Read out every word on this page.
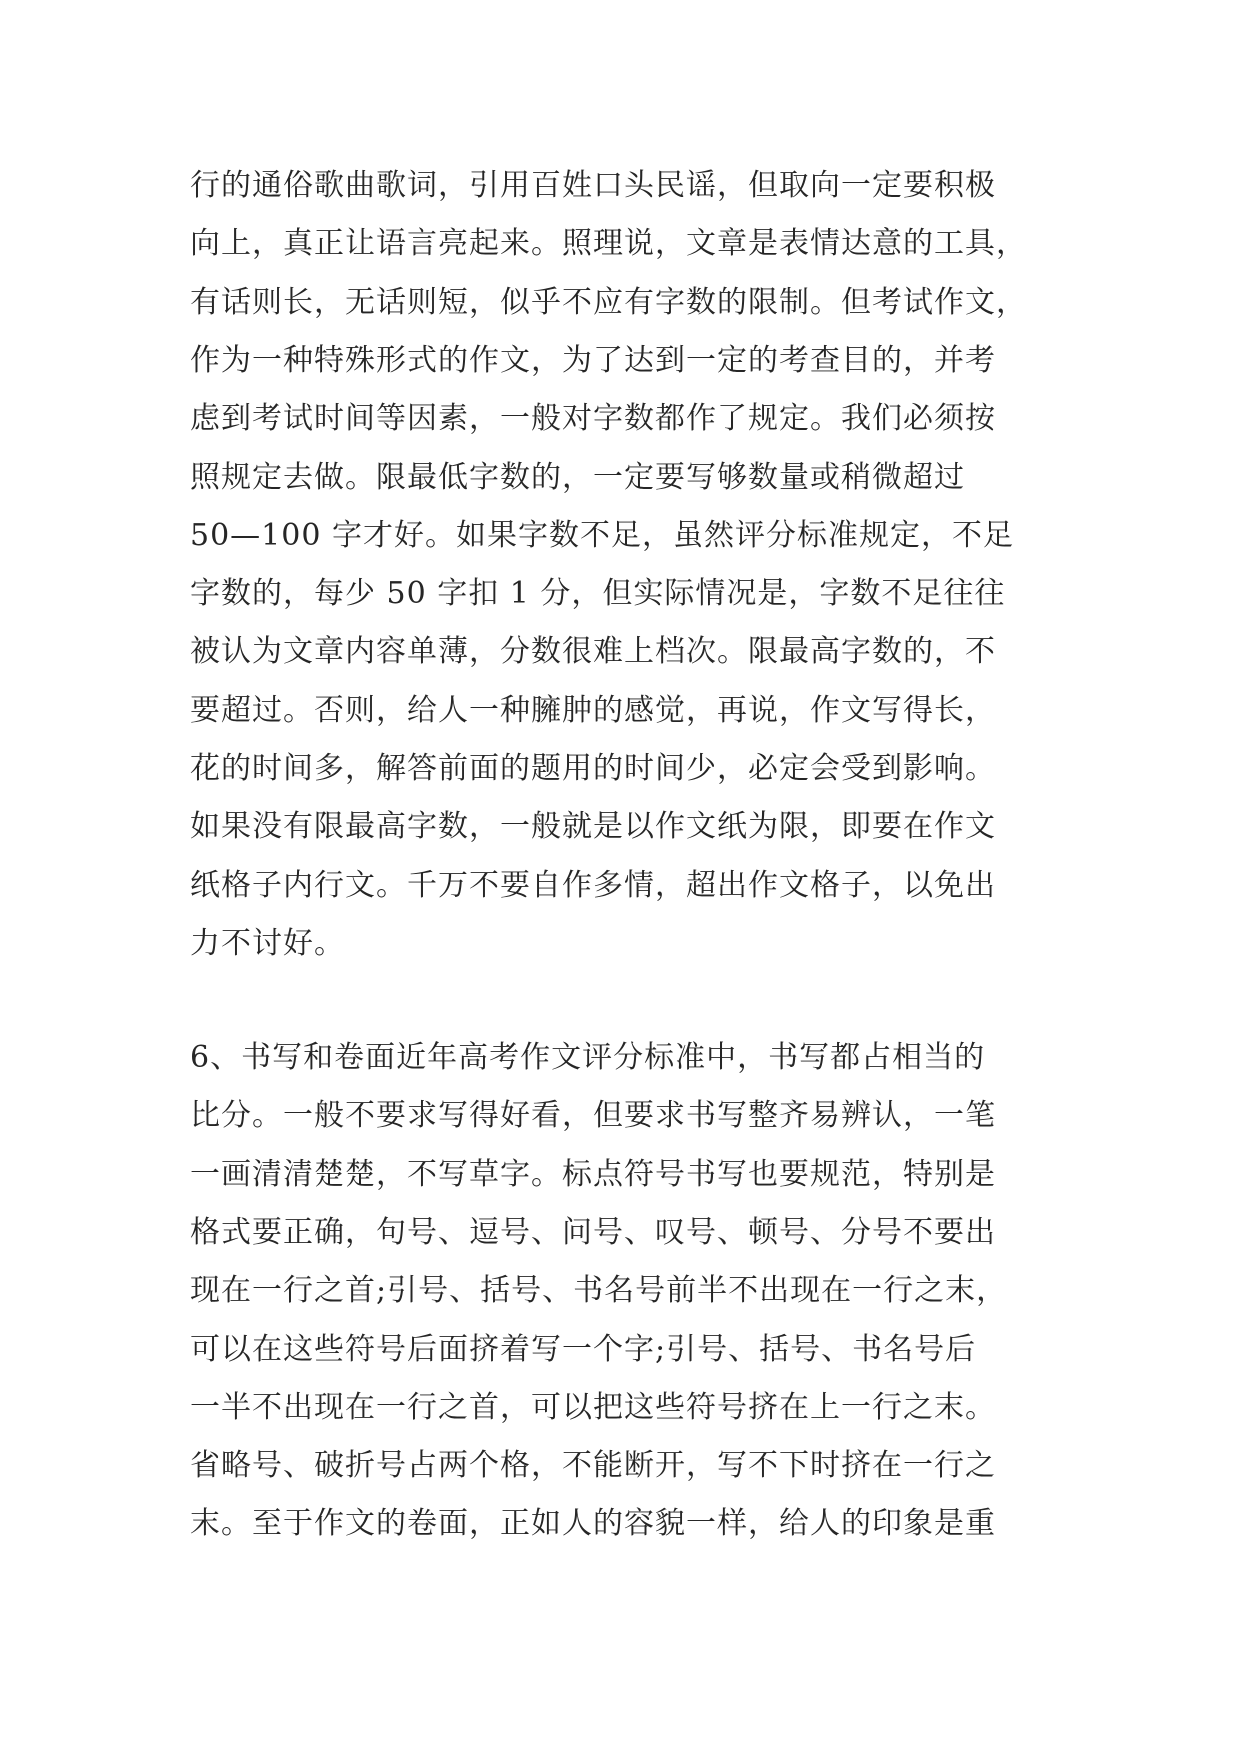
行的通俗歌曲歌词，引用百姓口头民谣，但取向一定要积极
向上，真正让语言亮起来。照理说，文章是表情达意的工具，
有话则长，无话则短，似乎不应有字数的限制。但考试作文，
作为一种特殊形式的作文，为了达到一定的考查目的，并考
虑到考试时间等因素，一般对字数都作了规定。我们必须按
照规定去做。限最低字数的，一定要写够数量或稍微超过
50—100 字才好。如果字数不足，虽然评分标准规定，不足
字数的，每少 50 字扣 1 分，但实际情况是，字数不足往往
被认为文章内容单薄，分数很难上档次。限最高字数的，不
要超过。否则，给人一种臃肿的感觉，再说，作文写得长，
花的时间多，解答前面的题用的时间少，必定会受到影响。
如果没有限最高字数，一般就是以作文纸为限，即要在作文
纸格子内行文。千万不要自作多情，超出作文格子，以免出
力不讨好。
6、书写和卷面近年高考作文评分标准中，书写都占相当的
比分。一般不要求写得好看，但要求书写整齐易辨认，一笔
一画清清楚楚，不写草字。标点符号书写也要规范，特别是
格式要正确，句号、逗号、问号、叹号、顿号、分号不要出
现在一行之首;引号、括号、书名号前半不出现在一行之末，
可以在这些符号后面挤着写一个字;引号、括号、书名号后
一半不出现在一行之首，可以把这些符号挤在上一行之末。
省略号、破折号占两个格，不能断开，写不下时挤在一行之
末。至于作文的卷面，正如人的容貌一样，给人的印象是重
